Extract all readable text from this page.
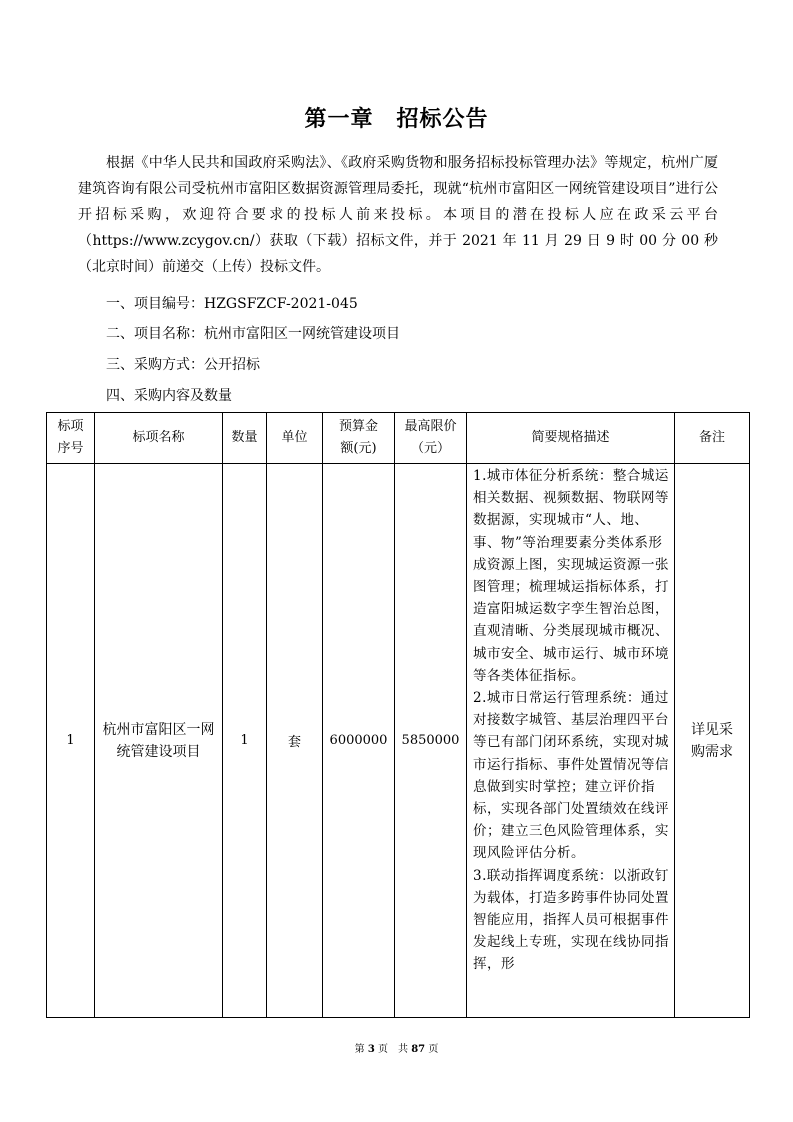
第一章　招标公告

根据《中华人民共和国政府采购法》、《政府采购货物和服务招标投标管理办法》等规定，杭州广厦建筑咨询有限公司受杭州市富阳区数据资源管理局委托，现就“杭州市富阳区一网统管建设项目”进行公开招标采购，欢迎符合要求的投标人前来投标。本项目的潜在投标人应在政采云平台（https://www.zcygov.cn/）获取（下载）招标文件，并于 2021 年 11 月 29 日 9 时 00 分 00 秒（北京时间）前递交（上传）投标文件。

一、项目编号：HZGSFZCF-2021-045
二、项目名称：杭州市富阳区一网统管建设项目
三、采购方式：公开招标
四、采购内容及数量
标项序号	标项名称	数量	单位	预算金额(元)	最高限价（元）	简要规格描述	备注

1	杭州市富阳区一网统管建设项目	1	套	6000000	5850000	1.城市体征分析系统：整合城运相关数据、视频数据、物联网等数据源，实现城市“人、地、事、物”等治理要素分类体系形成资源上图，实现城运资源一张图管理；梳理城运指标体系，打造富阳城运数字孪生智治总图，直观清晰、分类展现城市概况、城市安全、城市运行、城市环境等各类体征指标。
2.城市日常运行管理系统：通过对接数字城管、基层治理四平台等已有部门闭环系统，实现对城市运行指标、事件处置情况等信息做到实时掌控；建立评价指标，实现各部门处置绩效在线评价；建立三色风险管理体系，实现风险评估分析。
3.联动指挥调度系统：以浙政钉为载体，打造多跨事件协同处置智能应用，指挥人员可根据事件发起线上专班，实现在线协同指挥，形	详见采购需求
第 3 页　共 87 页
